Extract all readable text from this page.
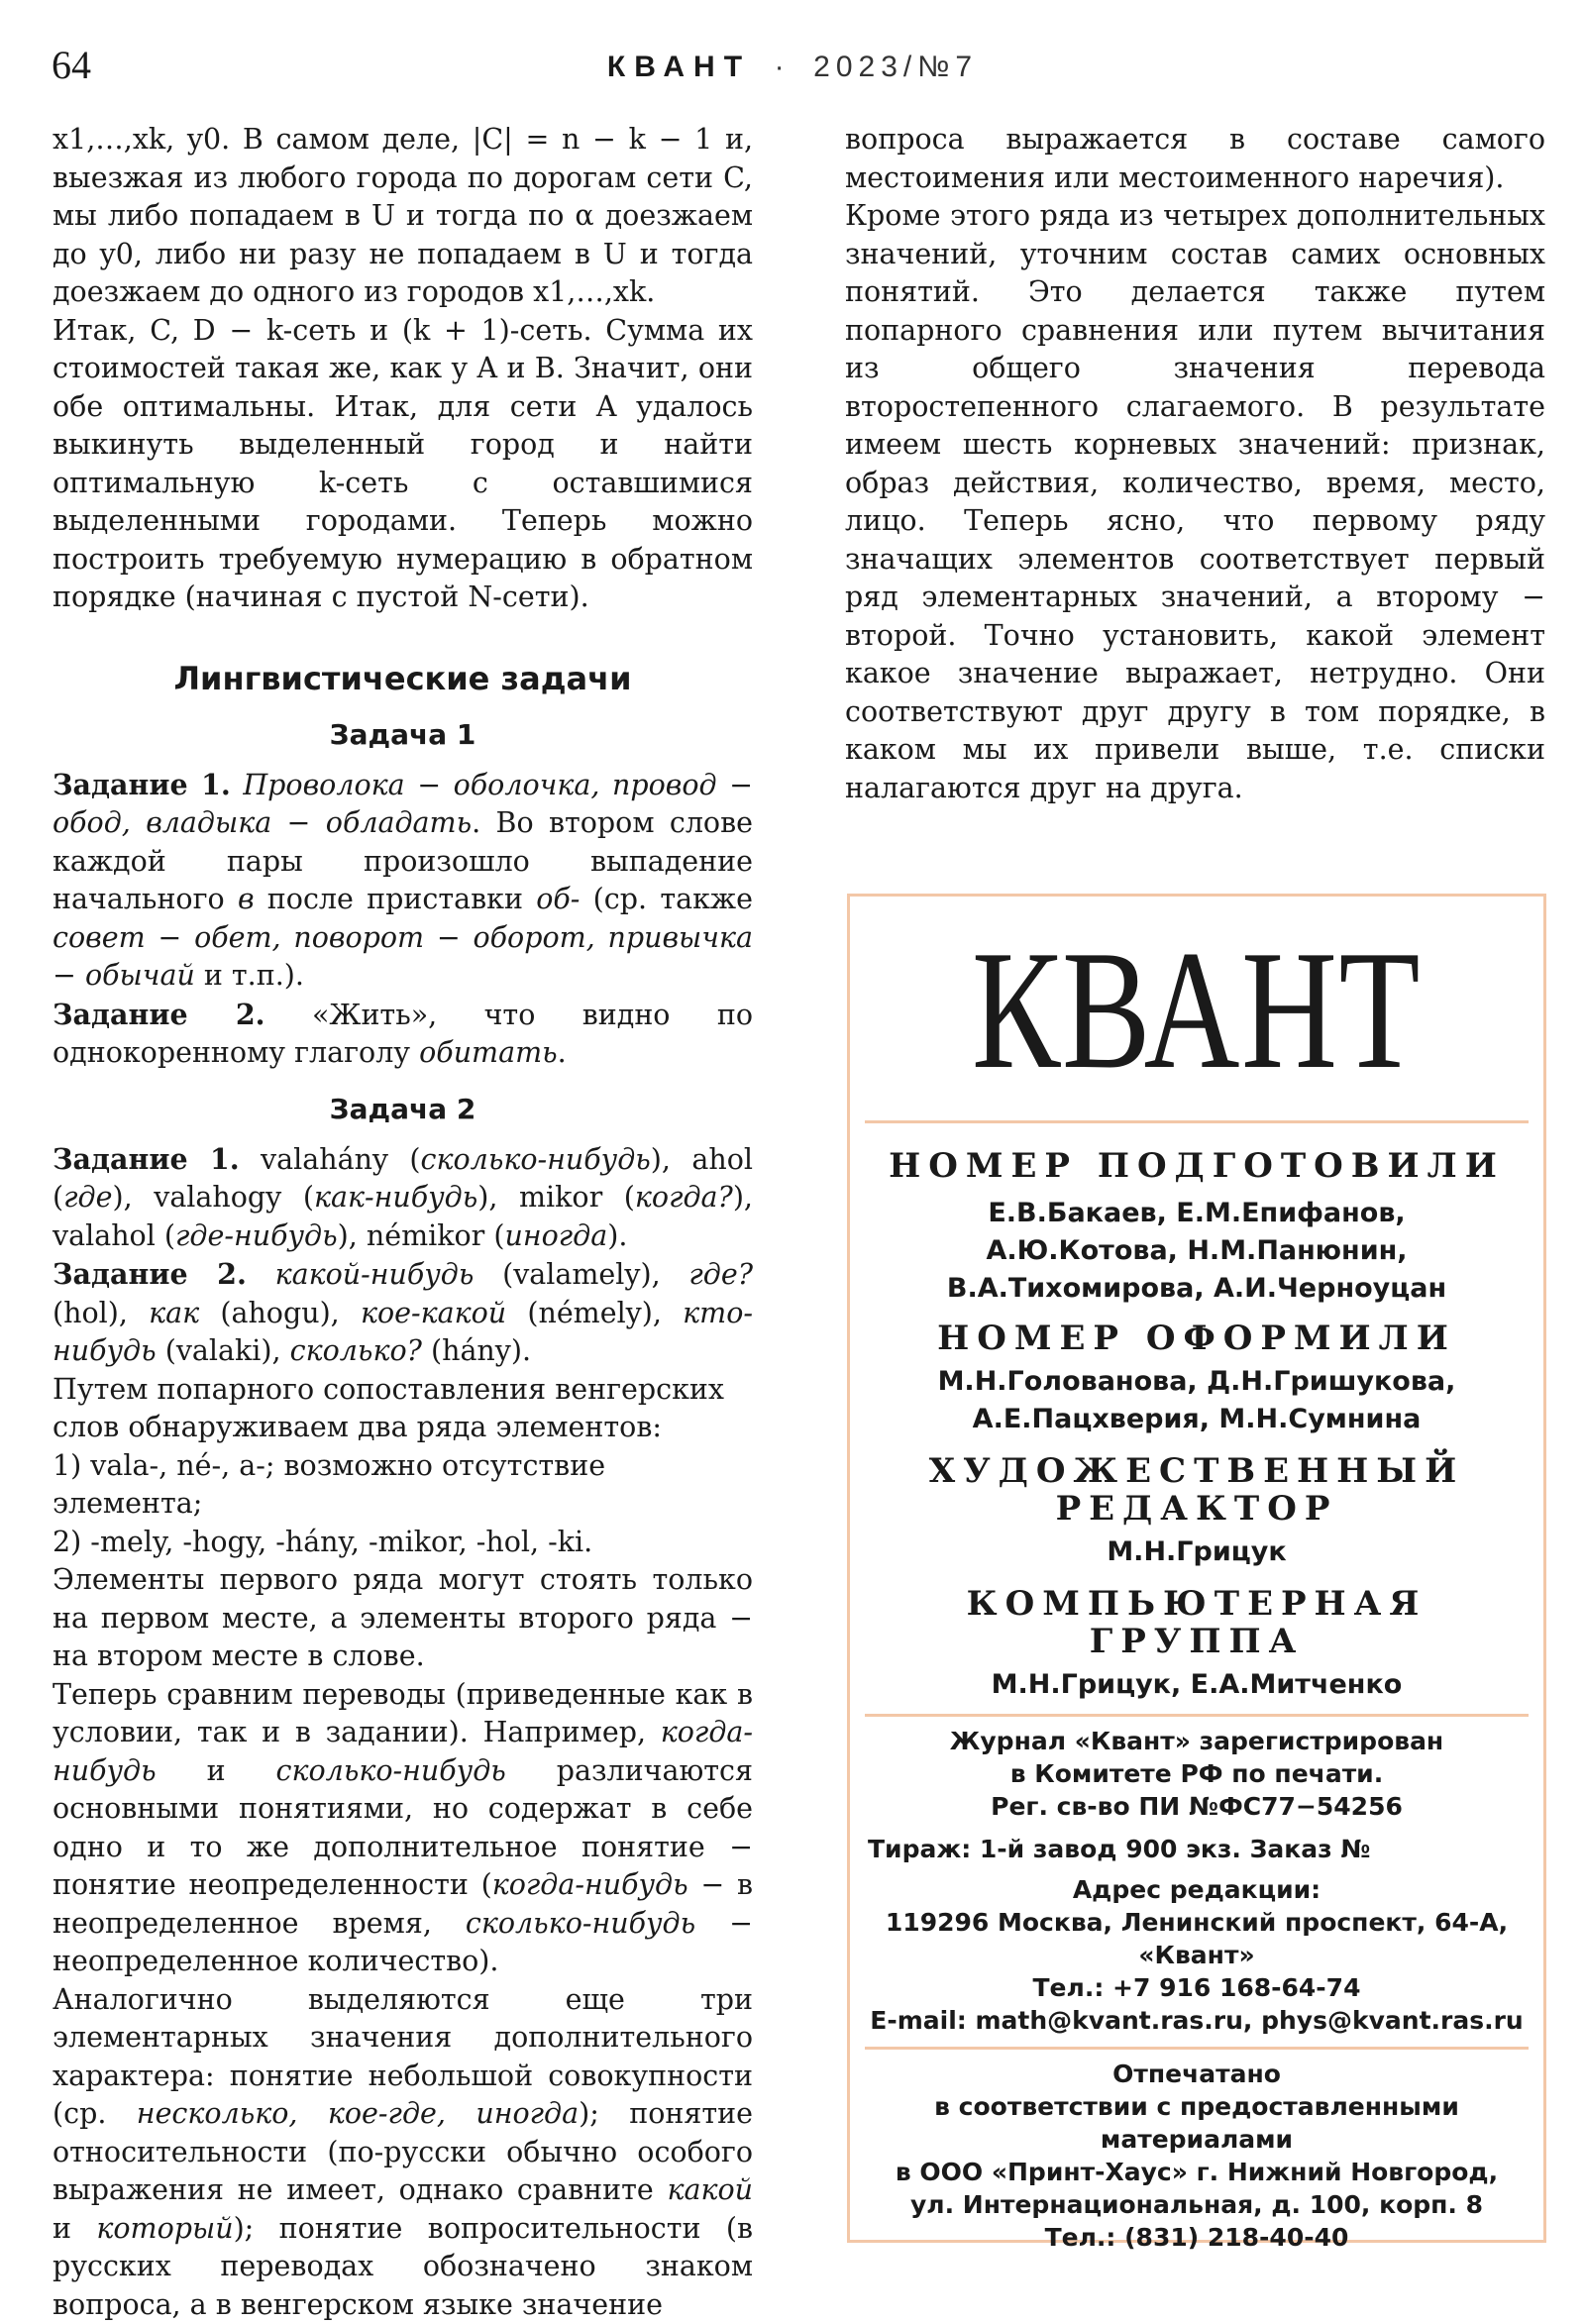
64	КВАНТ · 2023/№7

x1,…,xk, y0. В самом деле, |C| = n − k − 1 и, выезжая из любого города по дорогам сети C, мы либо попадаем в U и тогда по α доезжаем до y0, либо ни разу не попадаем в U и тогда доезжаем до одного из городов x1,…,xk.

Итак, C, D − k-сеть и (k + 1)-сеть. Сумма их стоимостей такая же, как у A и B. Значит, они обе оптимальны. Итак, для сети A удалось выкинуть выделенный город и найти оптимальную k-сеть с оставшимися выделенными городами. Теперь можно построить требуемую нумерацию в обратном порядке (начиная с пустой N-сети).

Лингвистические задачи
Задача 1

Задание 1. Проволока − оболочка, провод − обод, владыка − обладать. Во втором слове каждой пары произошло выпадение начального в после приставки об- (ср. также совет − обет, поворот − оборот, привычка − обычай и т.п.).

Задание 2. «Жить», что видно по однокоренному глаголу обитать.

Задача 2

Задание 1. valahány (сколько-нибудь), ahol (где), valahogy (как-нибудь), mikor (когда?), valahol (где-нибудь), némikor (иногда).

Задание 2. какой-нибудь (valamely), где? (hol), как (ahogu), кое-какой (némely), кто-нибудь (valaki), сколько? (hány).

Путем попарного сопоставления венгерских слов обнаруживаем два ряда элементов:

1) vala-, né-, a-; возможно отсутствие элемента;

2) -mely, -hogy, -hány, -mikor, -hol, -ki.

Элементы первого ряда могут стоять только на первом месте, а элементы второго ряда − на втором месте в слове.

Теперь сравним переводы (приведенные как в условии, так и в задании). Например, когда-нибудь и сколько-нибудь различаются основными понятиями, но содержат в себе одно и то же дополнительное понятие − понятие неопределенности (когда-нибудь − в неопределенное время, сколько-нибудь − неопределенное количество).

Аналогично выделяются еще три элементарных значения дополнительного характера: понятие небольшой совокупности (ср. несколько, кое-где, иногда); понятие относительности (по-русски обычно особого выражения не имеет, однако сравните какой и который); понятие вопросительности (в русских переводах обозначено знаком вопроса, а в венгерском языке значение

вопроса выражается в составе самого местоимения или местоименного наречия).

Кроме этого ряда из четырех дополнительных значений, уточним состав самих основных понятий. Это делается также путем попарного сравнения или путем вычитания из общего значения перевода второстепенного слагаемого. В результате имеем шесть корневых значений: признак, образ действия, количество, время, место, лицо. Теперь ясно, что первому ряду значащих элементов соответствует первый ряд элементарных значений, а второму − второй. Точно установить, какой элемент какое значение выражает, нетрудно. Они соответствуют друг другу в том порядке, в каком мы их привели выше, т.е. списки налагаются друг на друга.

КВАНТ
НОМЕР ПОДГОТОВИЛИ
Е.В.Бакаев, Е.М.Епифанов,
А.Ю.Котова, Н.М.Панюнин,
В.А.Тихомирова, А.И.Черноуцан
НОМЕР ОФОРМИЛИ
М.Н.Голованова, Д.Н.Гришукова,
А.Е.Пацхверия, М.Н.Сумнина
ХУДОЖЕСТВЕННЫЙ
РЕДАКТОР
М.Н.Грицук
КОМПЬЮТЕРНАЯ ГРУППА
М.Н.Грицук, Е.А.Митченко
Журнал «Квант» зарегистрирован
в Комитете РФ по печати.
Рег. св-во ПИ №ФС77−54256
Тираж: 1-й завод 900 экз. Заказ №
Адрес редакции:
119296 Москва, Ленинский проспект, 64-А,
«Квант»
Тел.: +7 916 168-64-74
E-mail: math@kvant.ras.ru, phys@kvant.ras.ru
Отпечатано
в соответствии с предоставленными
материалами
в ООО «Принт-Хаус» г. Нижний Новгород,
ул. Интернациональная, д. 100, корп. 8
Тел.: (831) 218-40-40
